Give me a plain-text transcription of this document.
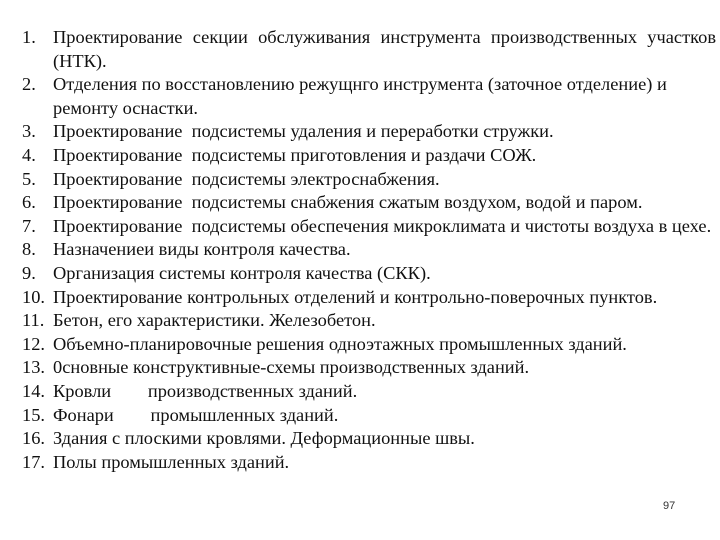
1. Проектирование секции обслуживания инструмента производственных участков (НТК).
2. Отделения по восстановлению режущнго инструмента (заточное отделение) и ремонту оснастки.
3. Проектирование  подсистемы удаления и переработки стружки.
4. Проектирование  подсистемы приготовления и раздачи СОЖ.
5. Проектирование  подсистемы электроснабжения.
6. Проектирование  подсистемы снабжения сжатым воздухом, водой и паром.
7. Проектирование  подсистемы обеспечения микроклимата и чистоты воздуха в цехе.
8. Назначениеи виды контроля качества.
9. Организация системы контроля качества (СКК).
10. Проектирование контрольных отделений и контрольно-поверочных пунктов.
11. Бетон, его характеристики. Железобетон.
12. Объемно-планировочные решения одноэтажных промышленных зданий.
13. 0сновные конструктивные-схемы производственных зданий.
14. Кровли        производственных зданий.
15. Фонари        промышленных зданий.
16. Здания с плоскими кровлями. Деформационные швы.
17. Полы промышленных зданий.
97
